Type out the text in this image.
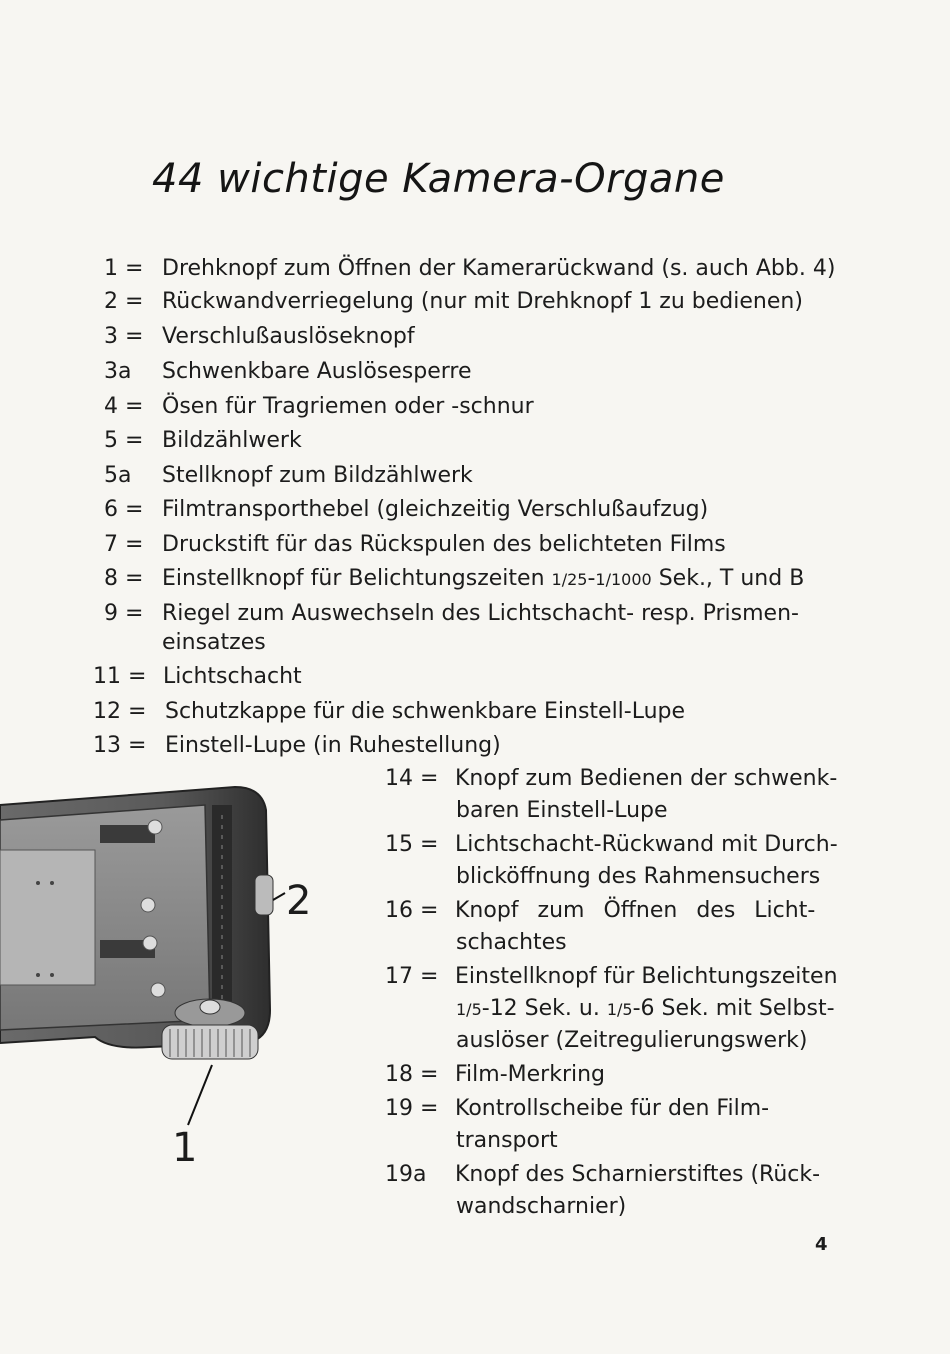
44 wichtige Kamera-Organe
1 = Drehknopf zum Öffnen der Kamerarückwand (s. auch Abb. 4)
2 = Rückwandverriegelung (nur mit Drehknopf 1 zu bedienen)
3 = Verschlußauslöseknopf
3a Schwenkbare Auslösesperre
4 = Ösen für Tragriemen oder -schnur
5 = Bildzählwerk
5a Stellknopf zum Bildzählwerk
6 = Filmtransporthebel (gleichzeitig Verschlußaufzug)
7 = Druckstift für das Rückspulen des belichteten Films
8 = Einstellknopf für Belichtungszeiten 1/25-1/1000 Sek., T und B
9 = Riegel zum Auswechseln des Lichtschacht- resp. Prismen-
einsatzes
11 = Lichtschacht
12 = Schutzkappe für die schwenkbare Einstell-Lupe
13 = Einstell-Lupe (in Ruhestellung)
14 = Knopf zum Bedienen der schwenk-
baren Einstell-Lupe
15 = Lichtschacht-Rückwand mit Durch-
blicköffnung des Rahmensuchers
16 = Knopf zum Öffnen des Licht-
schachtes
17 = Einstellknopf für Belichtungszeiten
1/5-12 Sek. u. 1/5-6 Sek. mit Selbst-
auslöser (Zeitregulierungswerk)
18 = Film-Merkring
19 = Kontrollscheibe für den Film-
transport
19a Knopf des Scharnierstiftes (Rück-
wandscharnier)
1
2
4
